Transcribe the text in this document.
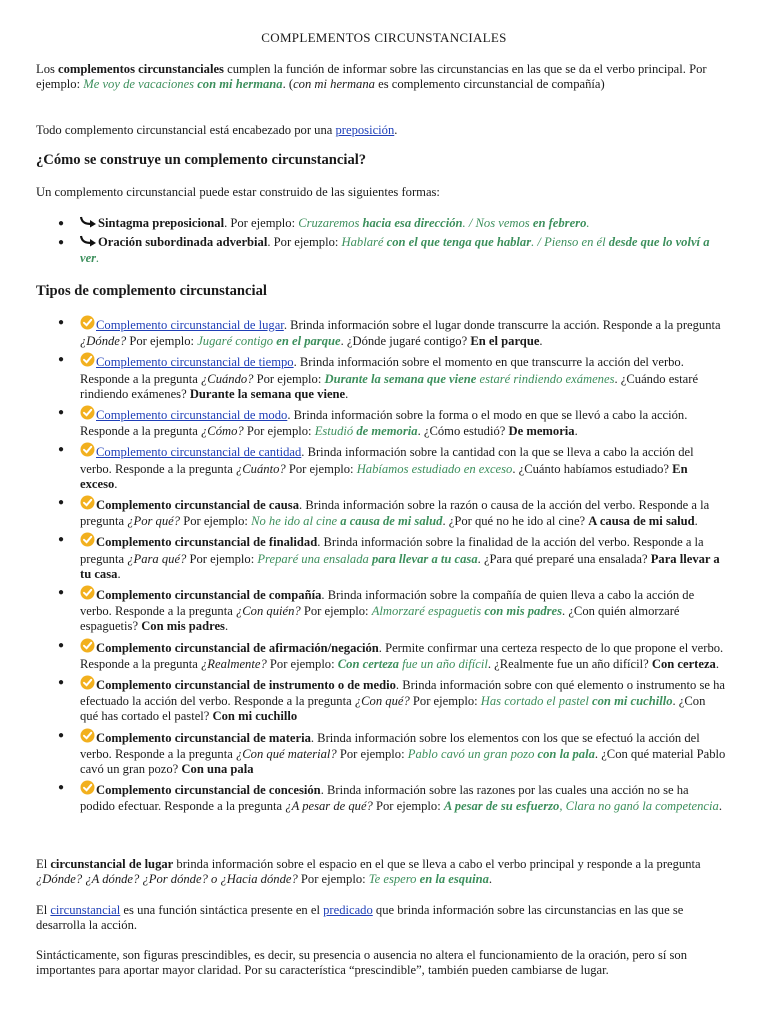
COMPLEMENTOS CIRCUNSTANCIALES

Los complementos circunstanciales cumplen la función de informar sobre las circunstancias en las que se da el verbo principal. Por ejemplo: Me voy de vacaciones con mi hermana. (con mi hermana es complemento circunstancial de compañía)

Todo complemento circunstancial está encabezado por una preposición.

¿Cómo se construye un complemento circunstancial?

Un complemento circunstancial puede estar construido de las siguientes formas:

●	Sintagma preposicional. Por ejemplo: Cruzaremos hacia esa dirección. / Nos vemos en febrero.
●	Oración subordinada adverbial. Por ejemplo: Hablaré con el que tenga que hablar. / Pienso en él desde que lo volví a ver.

Tipos de complemento circunstancial

●	Complemento circunstancial de lugar. Brinda información sobre el lugar donde transcurre la acción. Responde a la pregunta ¿Dónde? Por ejemplo: Jugaré contigo en el parque. ¿Dónde jugaré contigo? En el parque.
●	Complemento circunstancial de tiempo. Brinda información sobre el momento en que transcurre la acción del verbo. Responde a la pregunta ¿Cuándo? Por ejemplo: Durante la semana que viene estaré rindiendo exámenes. ¿Cuándo estaré rindiendo exámenes? Durante la semana que viene.
●	Complemento circunstancial de modo. Brinda información sobre la forma o el modo en que se llevó a cabo la acción. Responde a la pregunta ¿Cómo? Por ejemplo: Estudió de memoria. ¿Cómo estudió? De memoria.
●	Complemento circunstancial de cantidad. Brinda información sobre la cantidad con la que se lleva a cabo la acción del verbo. Responde a la pregunta ¿Cuánto? Por ejemplo: Habíamos estudiado en exceso. ¿Cuánto habíamos estudiado? En exceso.
●	Complemento circunstancial de causa. Brinda información sobre la razón o causa de la acción del verbo. Responde a la pregunta ¿Por qué? Por ejemplo: No he ido al cine a causa de mi salud. ¿Por qué no he ido al cine? A causa de mi salud.
●	Complemento circunstancial de finalidad. Brinda información sobre la finalidad de la acción del verbo. Responde a la pregunta ¿Para qué? Por ejemplo: Preparé una ensalada para llevar a tu casa. ¿Para qué preparé una ensalada? Para llevar a tu casa.
●	Complemento circunstancial de compañía. Brinda información sobre la compañía de quien lleva a cabo la acción de verbo. Responde a la pregunta ¿Con quién? Por ejemplo: Almorzaré espaguetis con mis padres. ¿Con quién almorzaré espaguetis? Con mis padres.
●	Complemento circunstancial de afirmación/negación. Permite confirmar una certeza respecto de lo que propone el verbo. Responde a la pregunta ¿Realmente? Por ejemplo: Con certeza fue un año difícil. ¿Realmente fue un año difícil? Con certeza.
●	Complemento circunstancial de instrumento o de medio. Brinda información sobre con qué elemento o instrumento se ha efectuado la acción del verbo. Responde a la pregunta ¿Con qué? Por ejemplo: Has cortado el pastel con mi cuchillo. ¿Con qué has cortado el pastel? Con mi cuchillo
●	Complemento circunstancial de materia. Brinda información sobre los elementos con los que se efectuó la acción del verbo. Responde a la pregunta ¿Con qué material? Por ejemplo: Pablo cavó un gran pozo con la pala. ¿Con qué material Pablo cavó un gran pozo? Con una pala
●	Complemento circunstancial de concesión. Brinda información sobre las razones por las cuales una acción no se ha podido efectuar. Responde a la pregunta ¿A pesar de qué? Por ejemplo: A pesar de su esfuerzo, Clara no ganó la competencia.

El circunstancial de lugar brinda información sobre el espacio en el que se lleva a cabo el verbo principal y responde a la pregunta ¿Dónde? ¿A dónde? ¿Por dónde? o ¿Hacia dónde? Por ejemplo: Te espero en la esquina.

El circunstancial es una función sintáctica presente en el predicado que brinda información sobre las circunstancias en las que se desarrolla la acción.

Sintácticamente, son figuras prescindibles, es decir, su presencia o ausencia no altera el funcionamiento de la oración, pero sí son importantes para aportar mayor claridad. Por su característica “prescindible”, también pueden cambiarse de lugar.
